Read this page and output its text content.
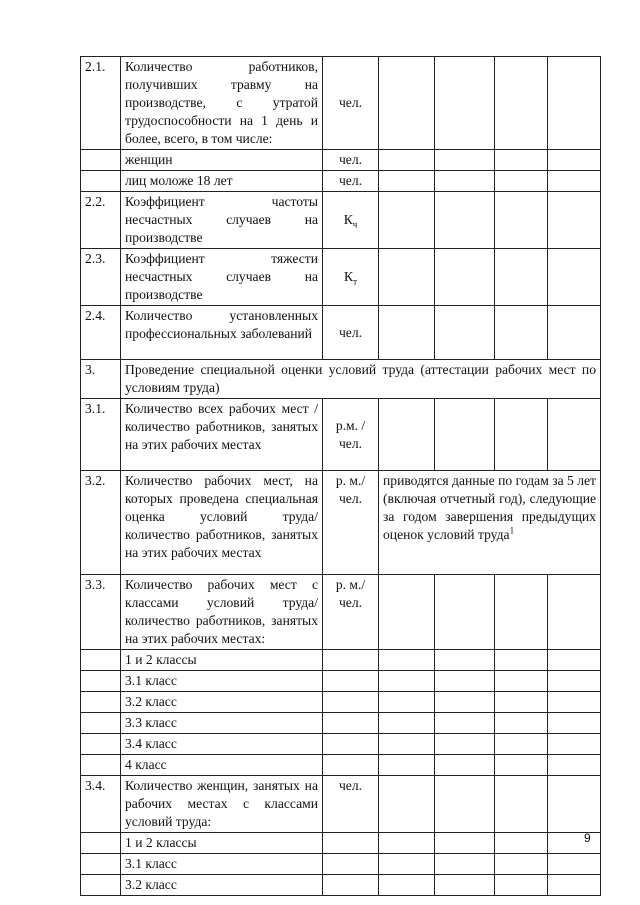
2.1.	Количество работников, получивших травму на производстве, с утратой трудоспособности на 1 день и более, всего, в том числе:	чел.				
	женщин	чел.				
	лиц моложе 18 лет	чел.				
2.2.	Коэффициент частоты несчастных случаев на производстве	$К_ч$				
2.3.	Коэффициент тяжести несчастных случаев на производстве	$К_т$				
2.4.	Количество установленных профессиональных заболеваний	чел.				
3.	Проведение специальной оценки условий труда (аттестации рабочих мест по условиям труда)					
3.1.	Количество всех рабочих мест / количество работников, занятых на этих рабочих местах	р.м. / чел.				
3.2.	Количество рабочих мест, на которых проведена специальная оценка условий труда/ количество работников, занятых на этих рабочих местах	р. м./ чел.	приводятся данные по годам за 5 лет (включая отчетный год), следующие за годом завершения предыдущих оценок условий труда$^1$
3.3.	Количество рабочих мест с классами условий труда/ количество работников, занятых на этих рабочих местах:	р. м./ чел.				
	1 и 2 классы					
	3.1 класс					
	3.2 класс					
	3.3 класс					
	3.4 класс					
	4 класс					
3.4.	Количество женщин, занятых на рабочих местах с классами условий труда:	чел.				
	1 и 2 классы					
	3.1 класс					
	3.2 класс					
9
